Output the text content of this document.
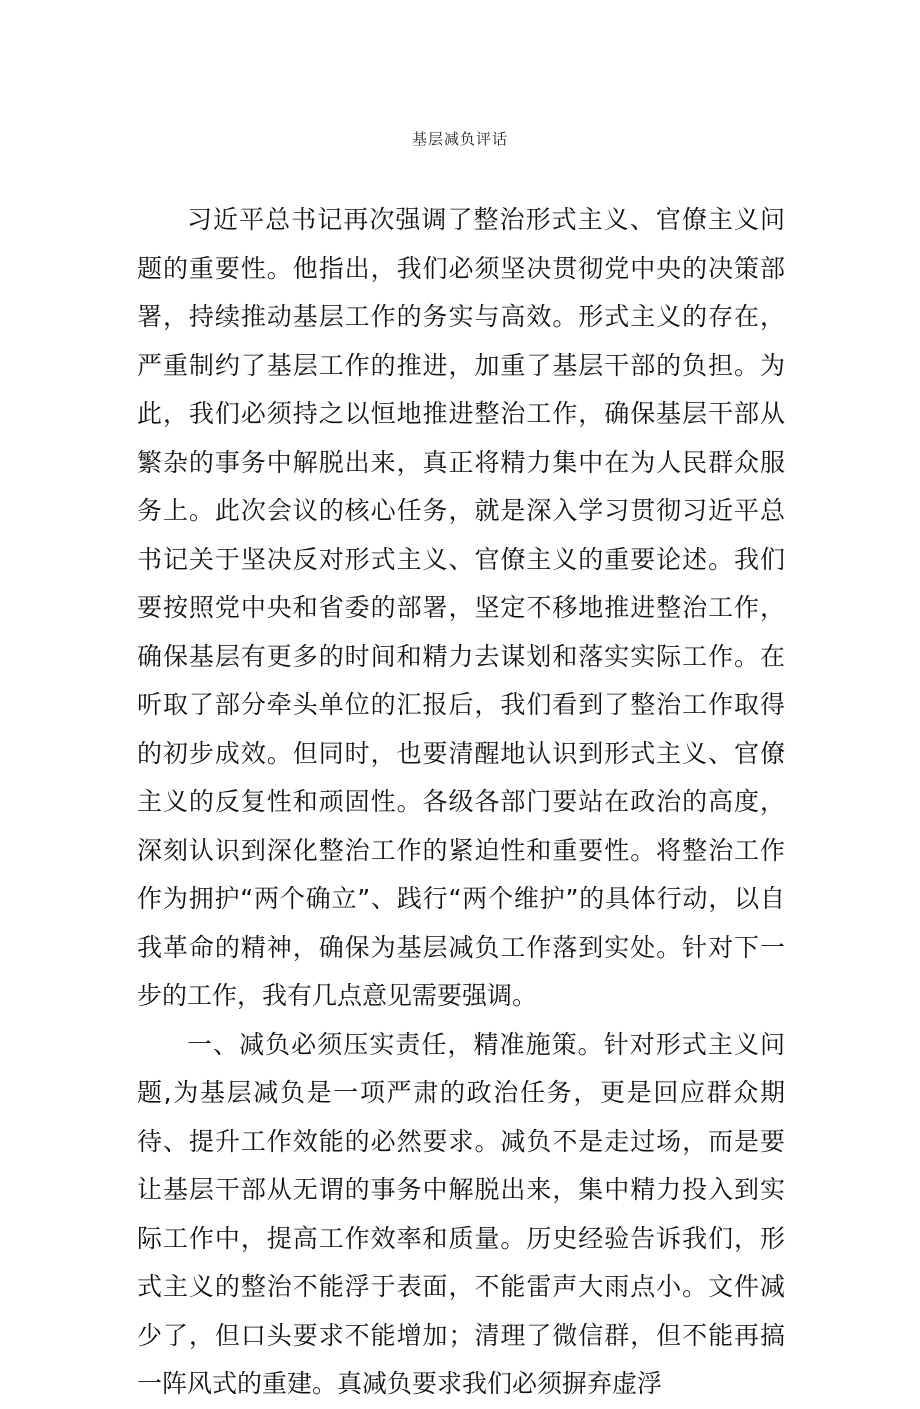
基层减负评话

习近平总书记再次强调了整治形式主义、官僚主义问题的重要性。他指出，我们必须坚决贯彻党中央的决策部署，持续推动基层工作的务实与高效。形式主义的存在，严重制约了基层工作的推进，加重了基层干部的负担。为此，我们必须持之以恒地推进整治工作，确保基层干部从繁杂的事务中解脱出来，真正将精力集中在为人民群众服务上。此次会议的核心任务，就是深入学习贯彻习近平总书记关于坚决反对形式主义、官僚主义的重要论述。我们要按照党中央和省委的部署，坚定不移地推进整治工作，确保基层有更多的时间和精力去谋划和落实实际工作。在听取了部分牵头单位的汇报后，我们看到了整治工作取得的初步成效。但同时，也要清醒地认识到形式主义、官僚主义的反复性和顽固性。各级各部门要站在政治的高度，深刻认识到深化整治工作的紧迫性和重要性。将整治工作作为拥护“两个确立”、践行“两个维护”的具体行动，以自我革命的精神，确保为基层减负工作落到实处。针对下一步的工作，我有几点意见需要强调。

一、减负必须压实责任，精准施策。针对形式主义问题,为基层减负是一项严肃的政治任务，更是回应群众期待、提升工作效能的必然要求。减负不是走过场，而是要让基层干部从无谓的事务中解脱出来，集中精力投入到实际工作中，提高工作效率和质量。历史经验告诉我们，形式主义的整治不能浮于表面，不能雷声大雨点小。文件减少了，但口头要求不能增加；清理了微信群，但不能再搞一阵风式的重建。真减负要求我们必须摒弃虚浮
